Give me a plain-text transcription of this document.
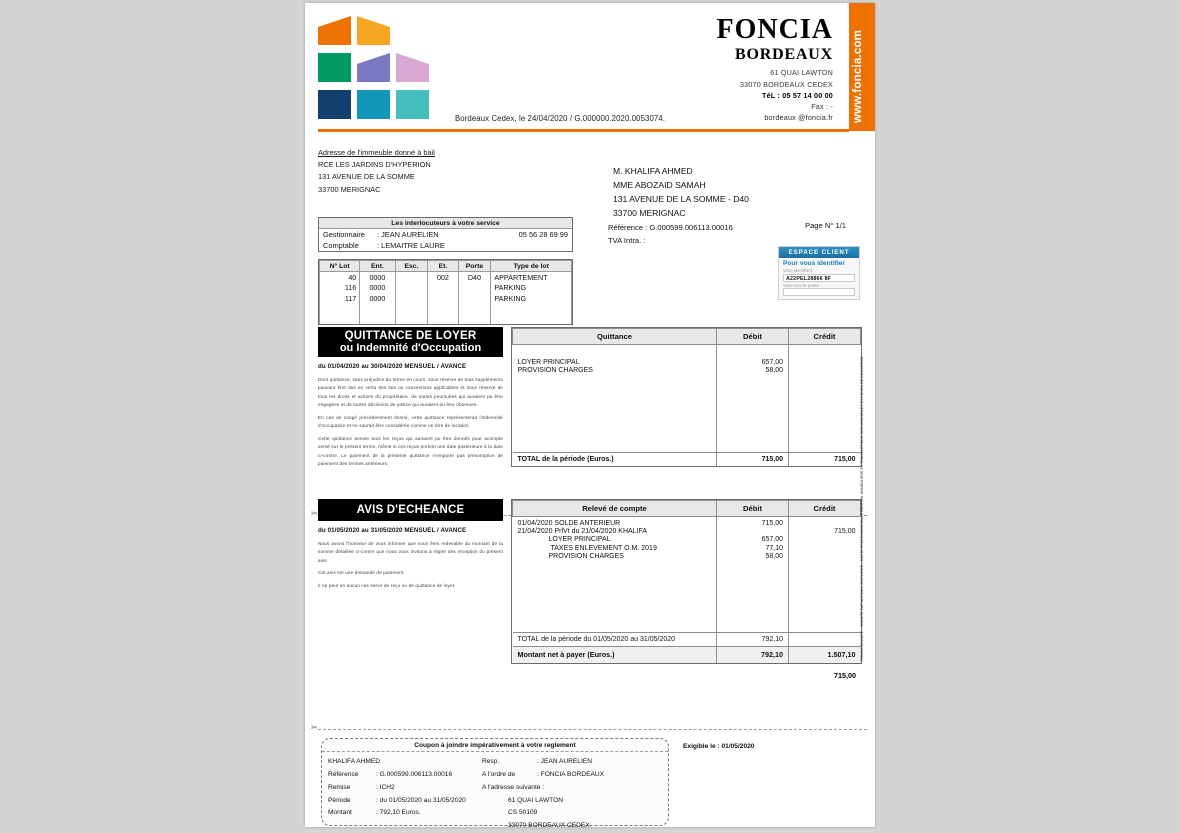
FONCIA
BORDEAUX
61 QUAI LAWTON
33070 BORDEAUX CEDEX
TéL : 05 57 14 00 00
Fax : -
bordeaux @foncia.fr www.foncia.com
Bordeaux Cedex, le 24/04/2020 / G.000000.2020.0053074.
Adresse de l'immeuble donné à bail
RCE LES JARDINS D'HYPERION
131 AVENUE DE LA SOMME
33700 MERIGNAC
M. KHALIFA AHMED
MME ABOZAID SAMAH
131 AVENUE DE LA SOMME - D40
33700 MERIGNAC
Les interlocuteurs à votre service
Gestionnaire : JEAN AURELIEN	05 56 28 69 99
Comptable : LEMAITRE LAURE
N° Lot	Ent.	Esc.	Et.	Porte	Type de lot
40	0000		002	D40	APPARTEMENT
116	0000				PARKING
117	0000				PARKING

Référence : G.000599.006113.00016
TVA Intra. :
Page N° 1/1
ESPACE CLIENT
Pour vous identifier
Votre identifiant
A22PEL28866 8F
Votre mot de passe
QUITTANCE DE LOYER
ou Indemnité d'Occupation
du 01/04/2020 au 30/04/2020 MENSUEL / AVANCE

Dont quittance, sans préjudice du terme en cours, sous réserve de tous suppléments pouvant être dus en vertu des lois ou conventions applicables et sous réserve de tous les droits et actions du propriétaire, de toutes poursuites qui auraient pu être engagées et de toutes décisions de justice qui auraient pu être obtenues.

En cas de congé précédemment donné, cette quittance représenterait l'indemnité d'occupation et ne saurait être considérée comme un titre de location.

Cette quittance annule tous les reçus qui auraient pu être donnés pour acompte versé sur le présent terme, même si ces reçus portent une date postérieure à la date ci-contre. Le paiement de la présente quittance n'emporte pas présomption de paiement des termes antérieurs.

Quittance	Débit	Crédit

LOYER PRINCIPAL	657,00	
PROVISION CHARGES	58,00	

TOTAL de la période (Euros.)	715,00	715,00
✂	AVIS D'ECHEANCE
du 01/05/2020 au 31/05/2020 MENSUEL / AVANCE

Nous avons l'honneur de vous informer que vous êtes redevable du montant de la somme détaillée ci-contre que nous vous invitons à régler dès réception du présent avis.

Cet avis est une demande de paiement.

Il ne peut en aucun cas servir de reçu ou de quittance de loyer.

Relevé de compte	Débit	Crédit

01/04/2020 SOLDE ANTERIEUR	715,00	
21/04/2020 PrlVt du 21/04/2020 KHALIFA		715,00
LOYER PRINCIPAL	657,00	
TAXES ENLEVEMENT O.M. 2019	77,10	
PROVISION CHARGES	58,00	

TOTAL de la période du 01/05/2020 au 31/05/2020	792,10	
Montant net à payer (Euros.)	792,10	1.507,10
715,00
✂
Coupon à joindre impérativement à votre reglement
KHALIFA AHMED
Référence	: G.000599.006113.00016
Remise	: ICH2
Période	: du 01/05/2020 au 31/05/2020
Montant	: 792,10 Euros.
Resp.	: JEAN AURELIEN
A l'ordre de	: FONCIA BORDEAUX
A l'adresse suivante :
61 QUAI LAWTON
CS 50109
33070 BORDEAUX CEDEX
Exigible le : 01/05/2020
FONCIA GROUPE - SOCIETE PAR ACTIONS SIMPLIFIEE - CARTE PROFESSIONNELLE GESTION IMMOBILIERE ET TRANSACTIONS SUR IMMEUBLES ET FONDS DE COMMERCE
